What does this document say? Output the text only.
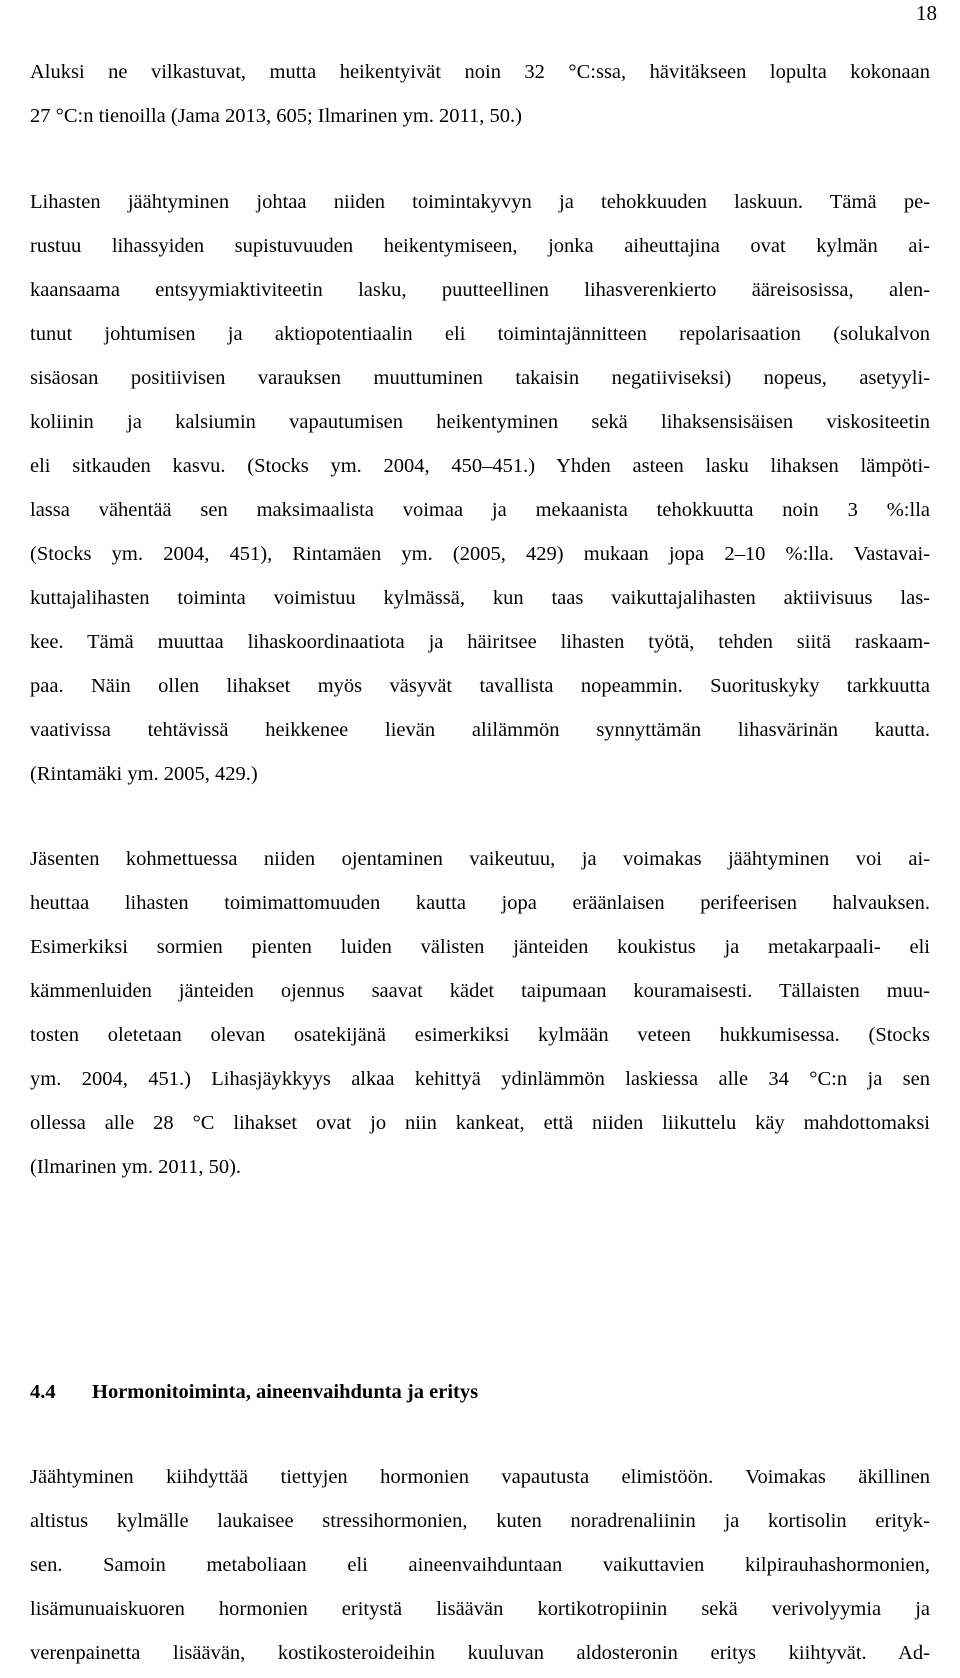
18
Aluksi ne vilkastuvat, mutta heikentyivät noin 32 °C:ssa, hävitäkseen lopulta kokonaan
27 °C:n tienoilla (Jama 2013, 605; Ilmarinen ym. 2011, 50.)
Lihasten jäähtyminen johtaa niiden toimintakyvyn ja tehokkuuden laskuun. Tämä pe-
rustuu lihassyiden supistuvuuden heikentymiseen, jonka aiheuttajina ovat kylmän ai-
kaansaama entsyymiaktiviteetin lasku, puutteellinen lihasverenkierto ääreisosissa, alen-
tunut johtumisen ja aktiopotentiaalin eli toimintajännitteen repolarisaation (solukalvon
sisäosan positiivisen varauksen muuttuminen takaisin negatiiviseksi) nopeus, asetyyli-
koliinin ja kalsiumin vapautumisen heikentyminen sekä lihaksensisäisen viskositeetin
eli sitkauden kasvu. (Stocks ym. 2004, 450–451.) Yhden asteen lasku lihaksen lämpöti-
lassa vähentää sen maksimaalista voimaa ja mekaanista tehokkuutta noin 3 %:lla
(Stocks ym. 2004, 451), Rintamäen ym. (2005, 429) mukaan jopa 2–10 %:lla. Vastavai-
kuttajalihasten toiminta voimistuu kylmässä, kun taas vaikuttajalihasten aktiivisuus las-
kee. Tämä muuttaa lihaskoordinaatiota ja häiritsee lihasten työtä, tehden siitä raskaam-
paa. Näin ollen lihakset myös väsyvät tavallista nopeammin. Suorituskyky tarkkuutta
vaativissa tehtävissä heikkenee lievän alilämmön synnyttämän lihasvärinän kautta.
(Rintamäki ym. 2005, 429.)
Jäsenten kohmettuessa niiden ojentaminen vaikeutuu, ja voimakas jäähtyminen voi ai-
heuttaa lihasten toimimattomuuden kautta jopa eräänlaisen perifeerisen halvauksen.
Esimerkiksi sormien pienten luiden välisten jänteiden koukistus ja metakarpaali- eli
kämmenluiden jänteiden ojennus saavat kädet taipumaan kouramaisesti. Tällaisten muu-
tosten oletetaan olevan osatekijänä esimerkiksi kylmään veteen hukkumisessa. (Stocks
ym. 2004, 451.) Lihasjäykkyys alkaa kehittyä ydinlämmön laskiessa alle 34 °C:n ja sen
ollessa alle 28 °C lihakset ovat jo niin kankeat, että niiden liikuttelu käy mahdottomaksi
(Ilmarinen ym. 2011, 50).
4.4 Hormonitoiminta, aineenvaihdunta ja eritys
Jäähtyminen kiihdyttää tiettyjen hormonien vapautusta elimistöön. Voimakas äkillinen
altistus kylmälle laukaisee stressihormonien, kuten noradrenaliinin ja kortisolin erityk-
sen. Samoin metaboliaan eli aineenvaihduntaan vaikuttavien kilpirauhashormonien,
lisämunuaiskuoren hormonien eritystä lisäävän kortikotropiinin sekä verivolyymia ja
verenpainetta lisäävän, kostikosteroideihin kuuluvan aldosteronin eritys kiihtyvät. Ad-
